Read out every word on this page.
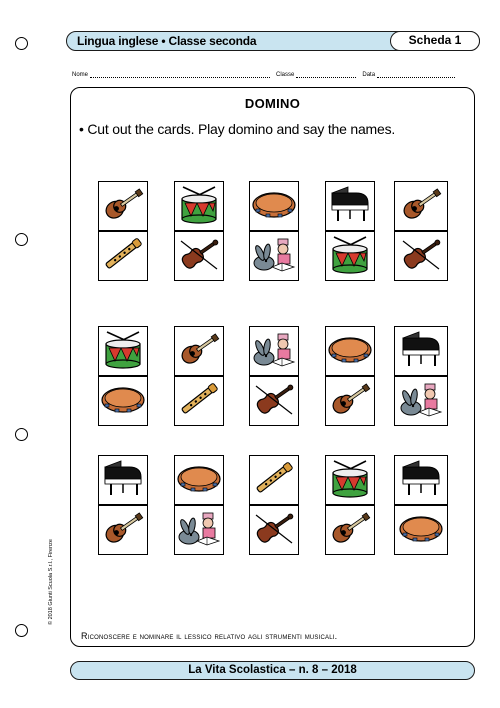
Lingua inglese • Classe seconda	Scheda 1
Nome	Classe	Data
DOMINO
• Cut out the cards. Play domino and say the names.
Riconoscere e nominare il lessico relativo agli strumenti musicali.
© 2018 Giunti Scuola S.r.l., Firenze
La Vita Scolastica – n. 8 – 2018
